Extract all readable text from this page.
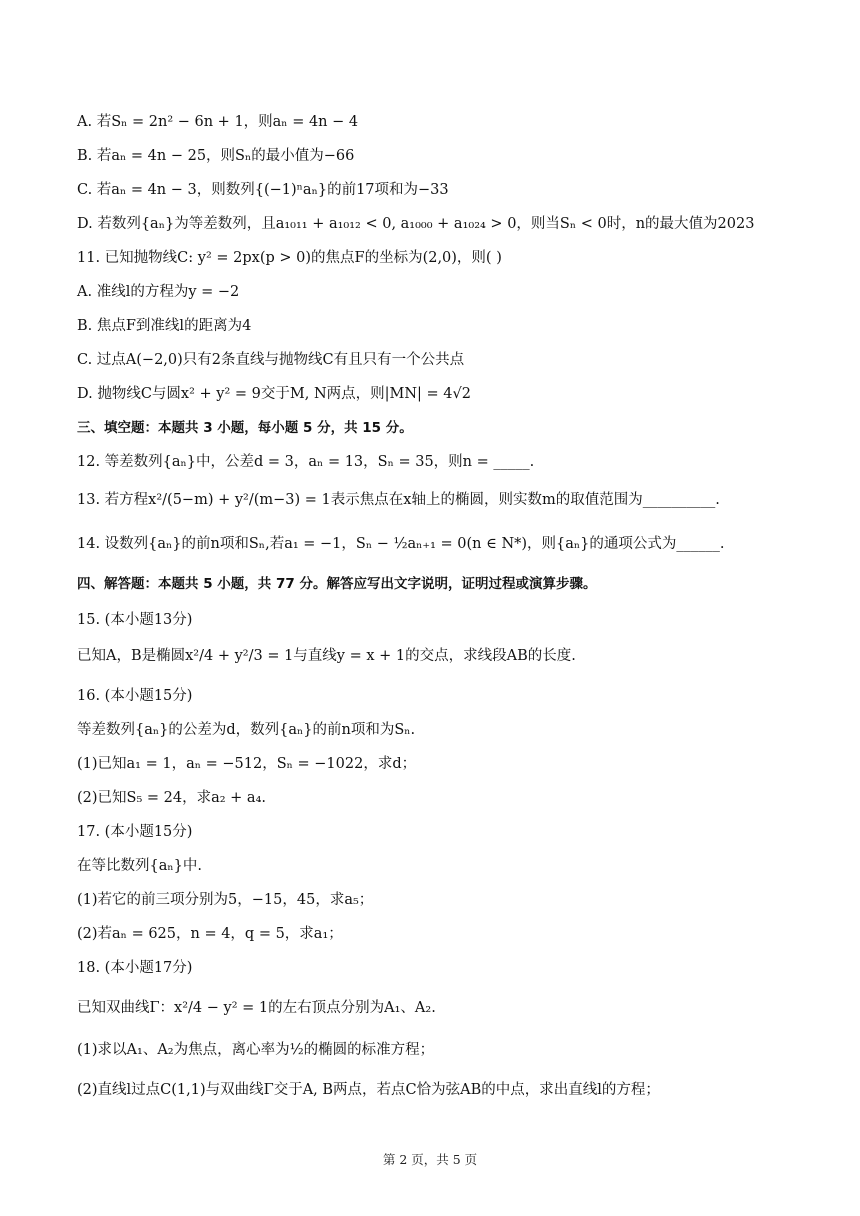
A. 若Sₙ = 2n² − 6n + 1，则aₙ = 4n − 4
B. 若aₙ = 4n − 25，则Sₙ的最小值为−66
C. 若aₙ = 4n − 3，则数列{(−1)ⁿaₙ}的前17项和为−33
D. 若数列{aₙ}为等差数列，且a₁₀₁₁ + a₁₀₁₂ < 0, a₁₀₀₀ + a₁₀₂₄ > 0，则当Sₙ < 0时，n的最大值为2023
11. 已知抛物线C: y² = 2px(p > 0)的焦点F的坐标为(2,0)，则( )
A. 准线l的方程为y = −2
B. 焦点F到准线l的距离为4
C. 过点A(−2,0)只有2条直线与抛物线C有且只有一个公共点
D. 抛物线C与圆x² + y² = 9交于M, N两点，则|MN| = 4√2
三、填空题：本题共 3 小题，每小题 5 分，共 15 分。
12. 等差数列{aₙ}中，公差d = 3，aₙ = 13，Sₙ = 35，则n = _____.
13. 若方程x²/(5−m) + y²/(m−3) = 1表示焦点在x轴上的椭圆，则实数m的取值范围为__________.
14. 设数列{aₙ}的前n项和Sₙ,若a₁ = −1，Sₙ − ½aₙ₊₁ = 0(n ∈ N*)，则{aₙ}的通项公式为______.
四、解答题：本题共 5 小题，共 77 分。解答应写出文字说明，证明过程或演算步骤。
15. (本小题13分)
已知A，B是椭圆x²/4 + y²/3 = 1与直线y = x + 1的交点，求线段AB的长度.
16. (本小题15分)
等差数列{aₙ}的公差为d，数列{aₙ}的前n项和为Sₙ.
(1)已知a₁ = 1，aₙ = −512，Sₙ = −1022，求d；
(2)已知S₅ = 24，求a₂ + a₄.
17. (本小题15分)
在等比数列{aₙ}中.
(1)若它的前三项分别为5，−15，45，求a₅；
(2)若aₙ = 625，n = 4，q = 5，求a₁；
18. (本小题17分)
已知双曲线Γ：x²/4 − y² = 1的左右顶点分别为A₁、A₂.
(1)求以A₁、A₂为焦点，离心率为½的椭圆的标准方程；
(2)直线l过点C(1,1)与双曲线Γ交于A, B两点，若点C恰为弦AB的中点，求出直线l的方程；
第 2 页，共 5 页
